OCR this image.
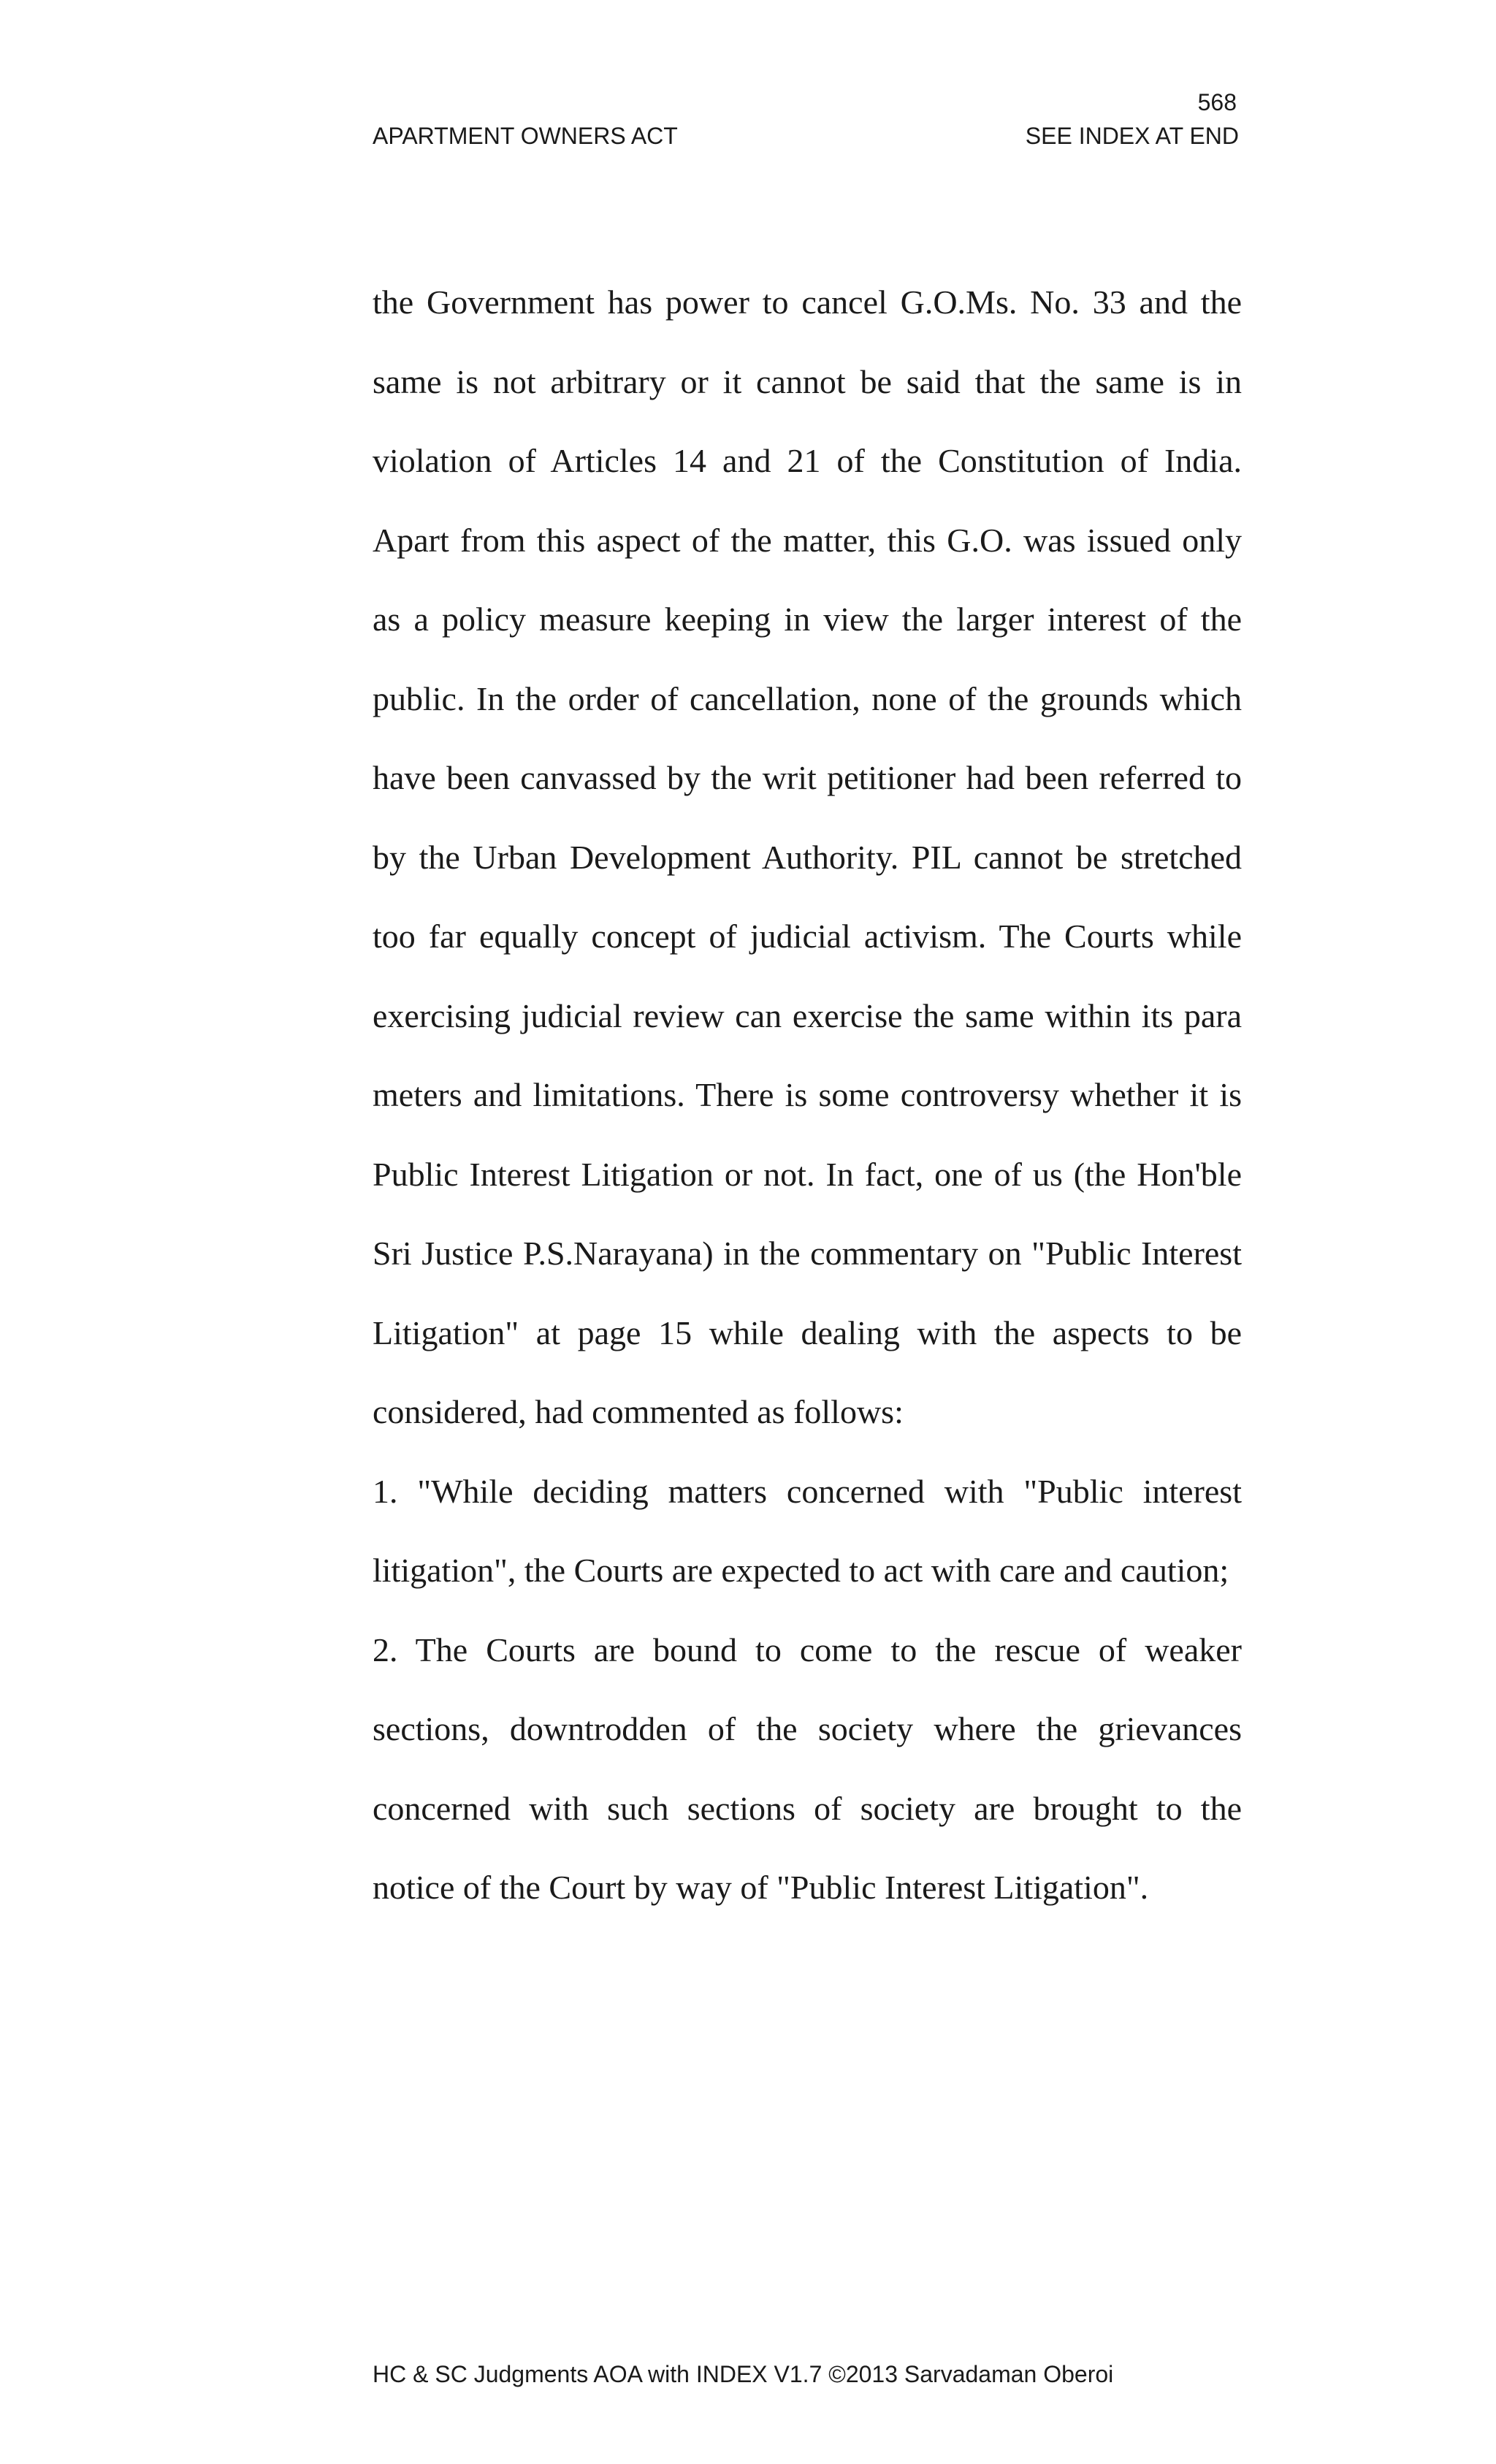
568
APARTMENT OWNERS ACT	SEE INDEX AT END

the Government has power to cancel G.O.Ms. No. 33 and the same is not arbitrary or it cannot be said that the same is in violation of Articles 14 and 21 of the Constitution of India. Apart from this aspect of the matter, this G.O. was issued only as a policy measure keeping in view the larger interest of the public. In the order of cancellation, none of the grounds which have been canvassed by the writ petitioner had been referred to by the Urban Development Authority. PIL cannot be stretched too far equally concept of judicial activism. The Courts while exercising judicial review can exercise the same within its para meters and limitations. There is some controversy whether it is Public Interest Litigation or not. In fact, one of us (the Hon'ble Sri Justice P.S.Narayana) in the commentary on "Public Interest Litigation" at page 15 while dealing with the aspects to be considered, had commented as follows:

1. "While deciding matters concerned with "Public interest litigation", the Courts are expected to act with care and caution;

2. The Courts are bound to come to the rescue of weaker sections, downtrodden of the society where the grievances concerned with such sections of society are brought to the notice of the Court by way of "Public Interest Litigation".

HC & SC Judgments AOA with INDEX V1.7 ©2013 Sarvadaman Oberoi
